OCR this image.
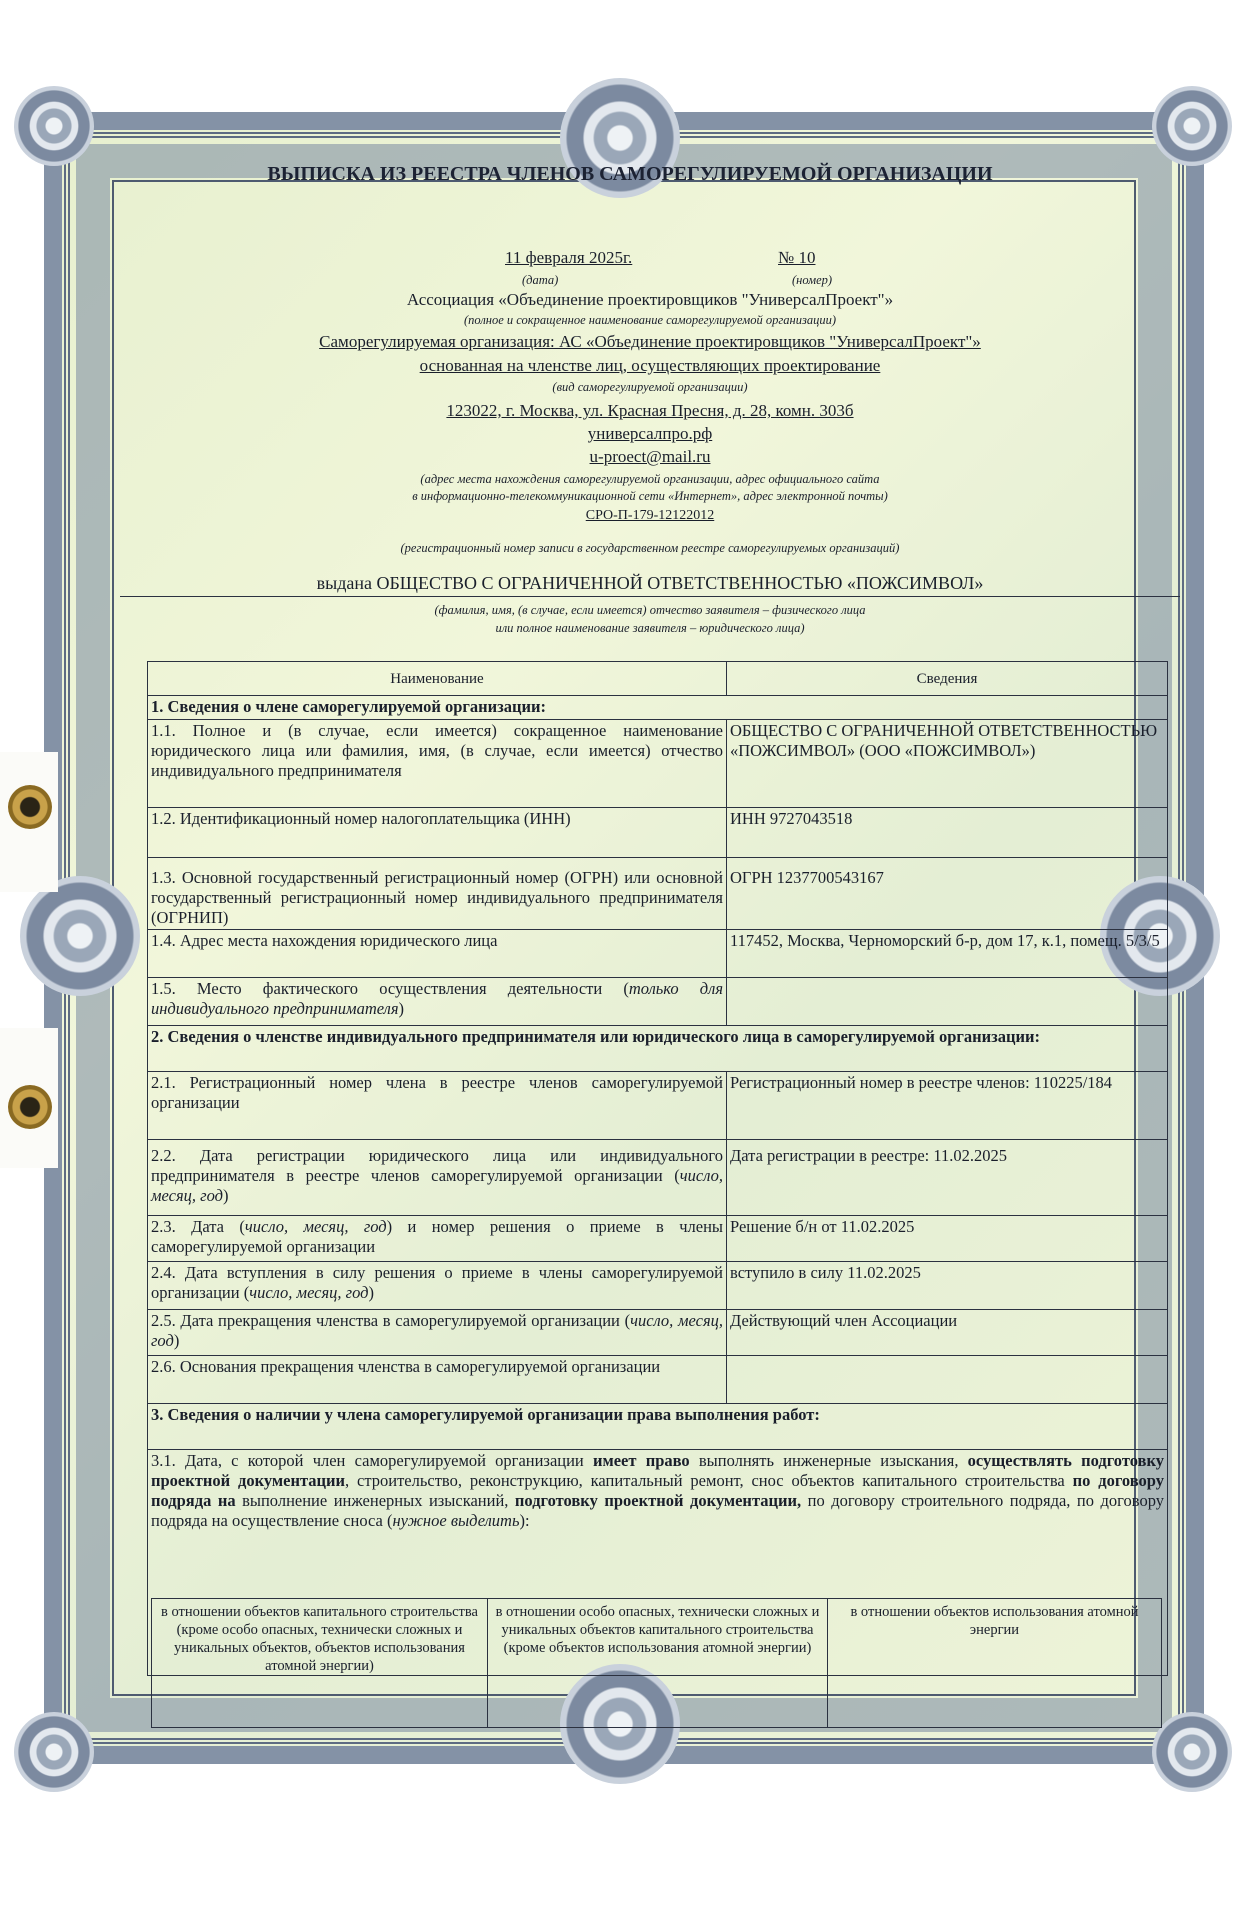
ВЫПИСКА ИЗ РЕЕСТРА ЧЛЕНОВ САМОРЕГУЛИРУЕМОЙ ОРГАНИЗАЦИИ
11 февраля 2025г.	№ 10
(дата)	(номер)
Ассоциация «Объединение проектировщиков "УниверсалПроект"»
(полное и сокращенное наименование саморегулируемой организации)
Саморегулируемая организация: АС «Объединение проектировщиков "УниверсалПроект"»
основанная на членстве лиц, осуществляющих проектирование
(вид саморегулируемой организации)
123022, г. Москва, ул. Красная Пресня, д. 28, комн. 303б
универсалпро.рф
u-proect@mail.ru
(адрес места нахождения саморегулируемой организации, адрес официального сайта
в информационно-телекоммуникационной сети «Интернет», адрес электронной почты)
СРО-П-179-12122012
(регистрационный номер записи в государственном реестре саморегулируемых организаций)
выдана ОБЩЕСТВО С ОГРАНИЧЕННОЙ ОТВЕТСТВЕННОСТЬЮ «ПОЖСИМВОЛ»
(фамилия, имя, (в случае, если имеется) отчество заявителя – физического лица
или полное наименование заявителя – юридического лица)
Наименование	Сведения
1. Сведения о члене саморегулируемой организации:	
1.1. Полное и (в случае, если имеется) сокращенное наименование юридического лица или фамилия, имя, (в случае, если имеется) отчество индивидуального предпринимателя	ОБЩЕСТВО С ОГРАНИЧЕННОЙ ОТВЕТСТВЕННОСТЬЮ «ПОЖСИМВОЛ» (ООО «ПОЖСИМВОЛ»)
1.2. Идентификационный номер налогоплательщика (ИНН)	ИНН 9727043518
1.3. Основной государственный регистрационный номер (ОГРН) или основной государственный регистрационный номер индивидуального предпринимателя (ОГРНИП)	ОГРН 1237700543167
1.4. Адрес места нахождения юридического лица	117452, Москва, Черноморский б-р, дом 17, к.1, помещ. 5/3/5
1.5. Место фактического осуществления деятельности (только для индивидуального предпринимателя)	
2. Сведения о членстве индивидуального предпринимателя или юридического лица в саморегулируемой организации:	
2.1. Регистрационный номер члена в реестре членов саморегулируемой организации	Регистрационный номер в реестре членов: 110225/184
2.2. Дата регистрации юридического лица или индивидуального предпринимателя в реестре членов саморегулируемой организации (число, месяц, год)	Дата регистрации в реестре: 11.02.2025
2.3. Дата (число, месяц, год) и номер решения о приеме в члены саморегулируемой организации	Решение б/н от 11.02.2025
2.4. Дата вступления в силу решения о приеме в члены саморегулируемой организации (число, месяц, год)	вступило в силу 11.02.2025
2.5. Дата прекращения членства в саморегулируемой организации (число, месяц, год)	Действующий член Ассоциации
2.6. Основания прекращения членства в саморегулируемой организации	
3. Сведения о наличии у члена саморегулируемой организации права выполнения работ:	
3.1. Дата, с которой член саморегулируемой организации имеет право выполнять инженерные изыскания, осуществлять подготовку проектной документации, строительство, реконструкцию, капитальный ремонт, снос объектов капитального строительства по договору подряда на выполнение инженерных изысканий, подготовку проектной документации, по договору строительного подряда, по договору подряда на осуществление сноса (нужное выделить):	
в отношении объектов капитального строительства (кроме особо опасных, технически сложных и уникальных объектов, объектов использования атомной энергии)	в отношении особо опасных, технически сложных и уникальных объектов капитального строительства (кроме объектов использования атомной энергии)	в отношении объектов использования атомной энергии
